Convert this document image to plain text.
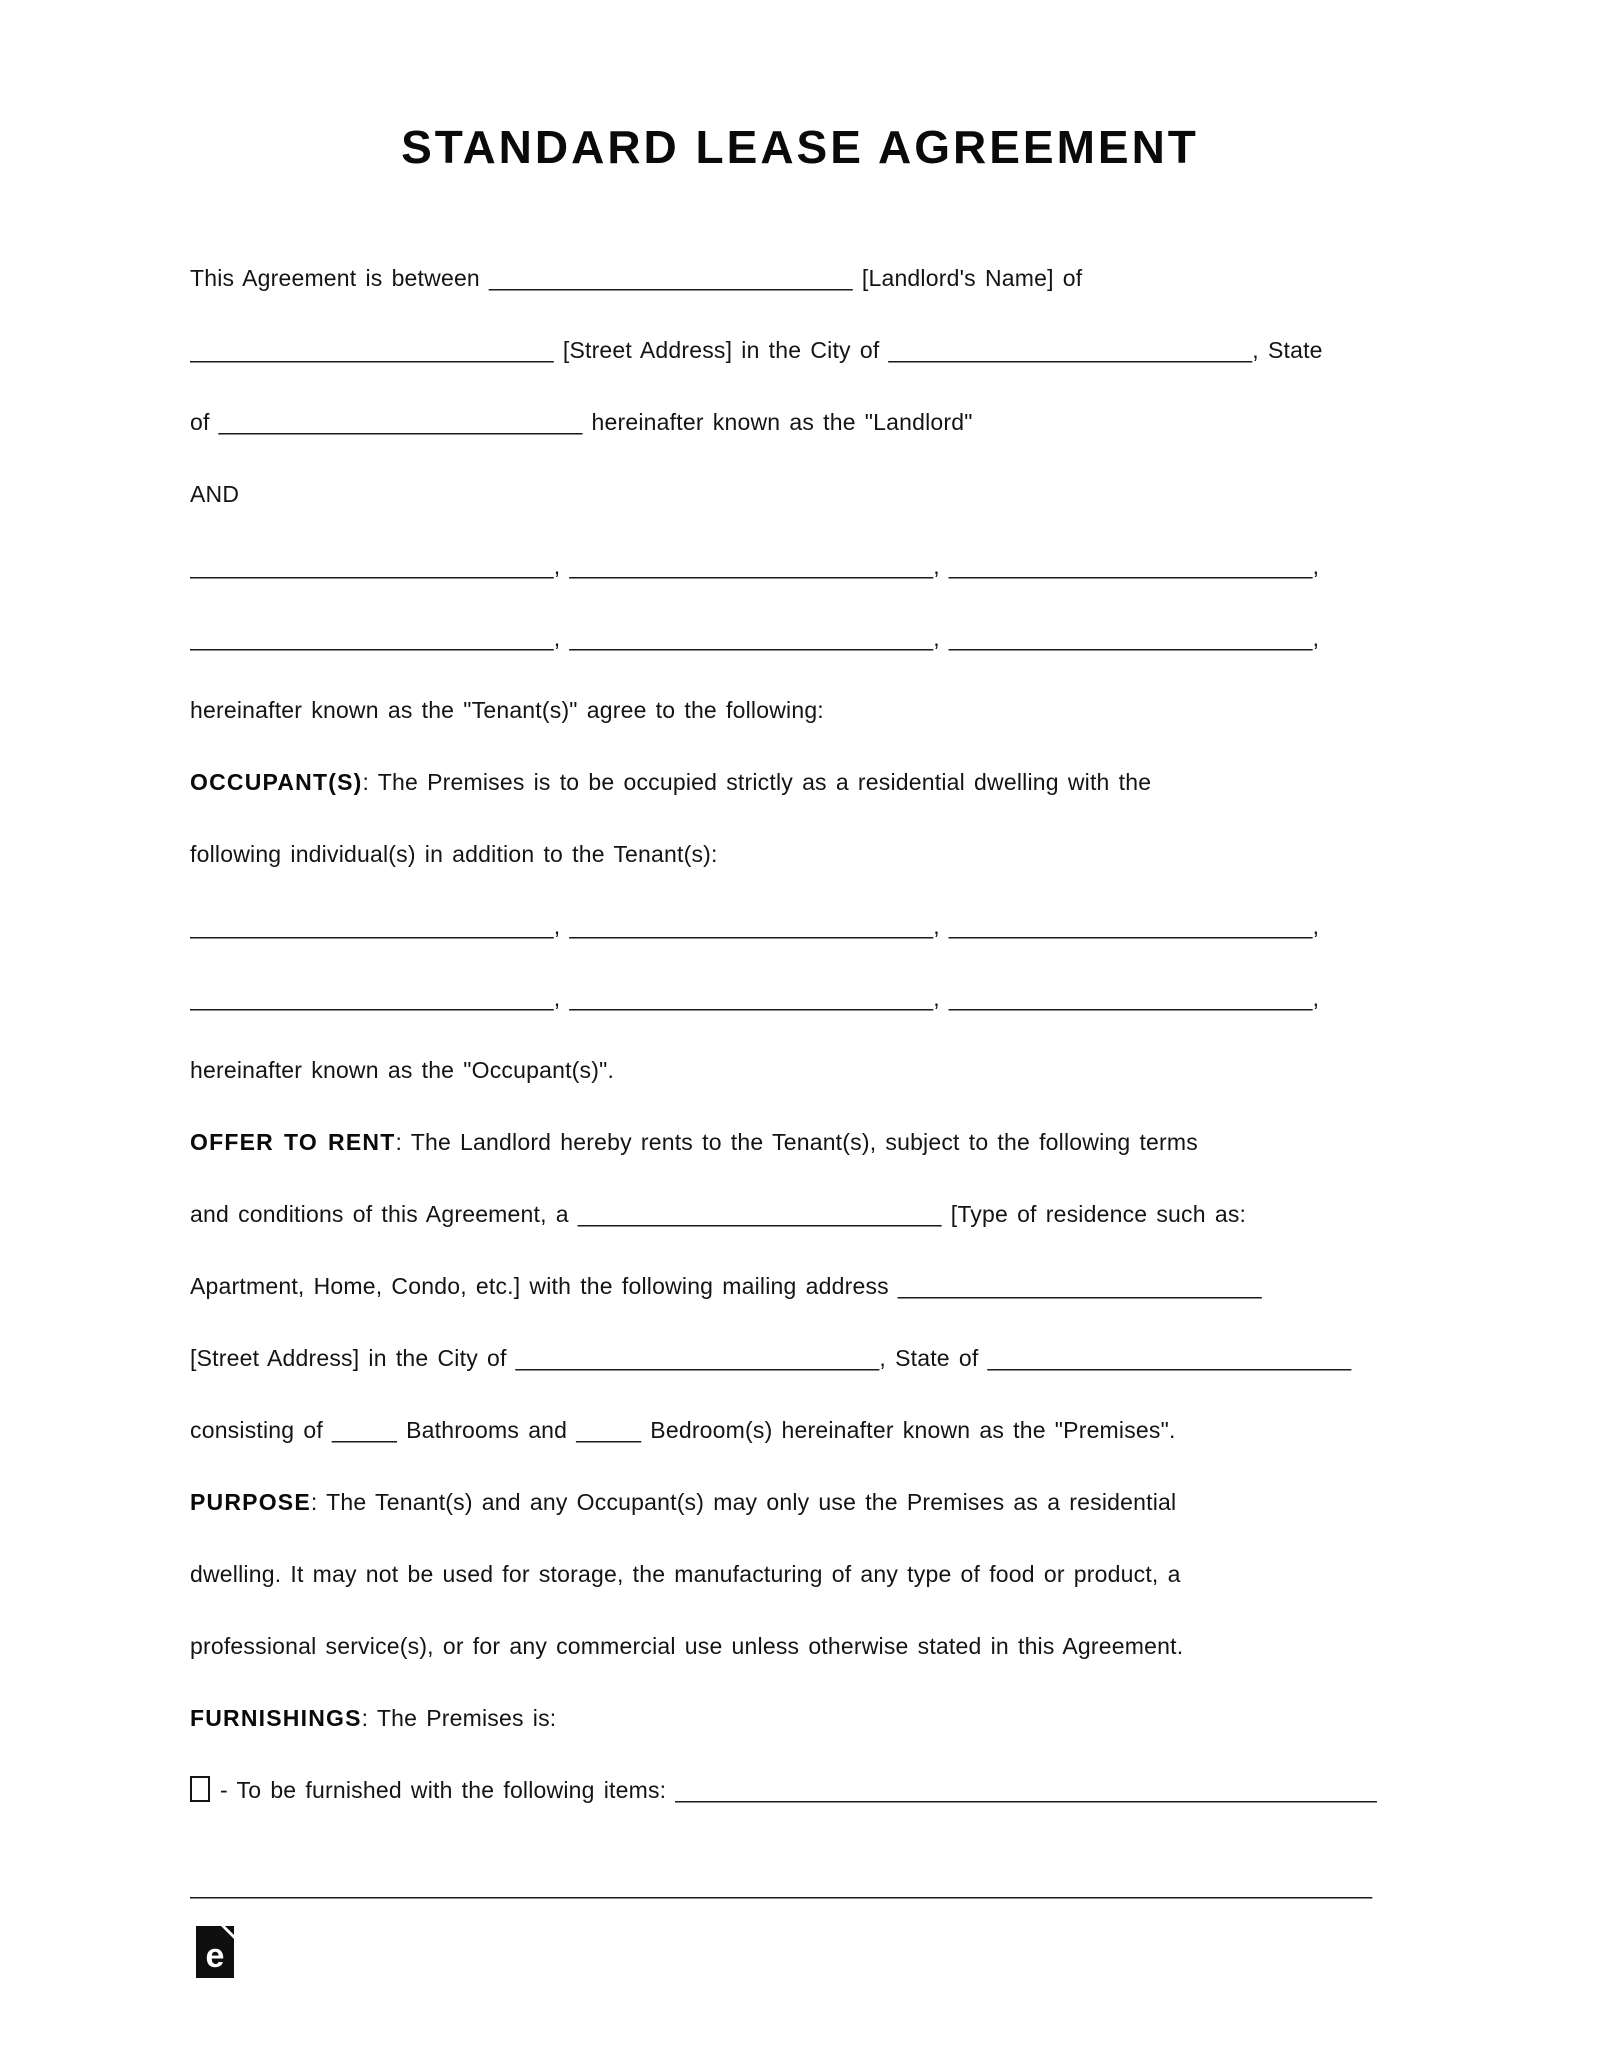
STANDARD LEASE AGREEMENT

This Agreement is between ____________________________ [Landlord's Name] of

____________________________ [Street Address] in the City of ____________________________, State

of ____________________________ hereinafter known as the "Landlord"

AND

____________________________, ____________________________, ____________________________,

____________________________, ____________________________, ____________________________,

hereinafter known as the "Tenant(s)" agree to the following:

OCCUPANT(S): The Premises is to be occupied strictly as a residential dwelling with the

following individual(s) in addition to the Tenant(s):

____________________________, ____________________________, ____________________________,

____________________________, ____________________________, ____________________________,

hereinafter known as the "Occupant(s)".

OFFER TO RENT: The Landlord hereby rents to the Tenant(s), subject to the following terms

and conditions of this Agreement, a ____________________________ [Type of residence such as:

Apartment, Home, Condo, etc.] with the following mailing address ____________________________

[Street Address] in the City of ____________________________, State of ____________________________

consisting of _____ Bathrooms and _____ Bedroom(s) hereinafter known as the "Premises".

PURPOSE: The Tenant(s) and any Occupant(s) may only use the Premises as a residential

dwelling. It may not be used for storage, the manufacturing of any type of food or product, a

professional service(s), or for any commercial use unless otherwise stated in this Agreement.

FURNISHINGS: The Premises is:

- To be furnished with the following items: ______________________________________________________

___________________________________________________________________________________________

e
